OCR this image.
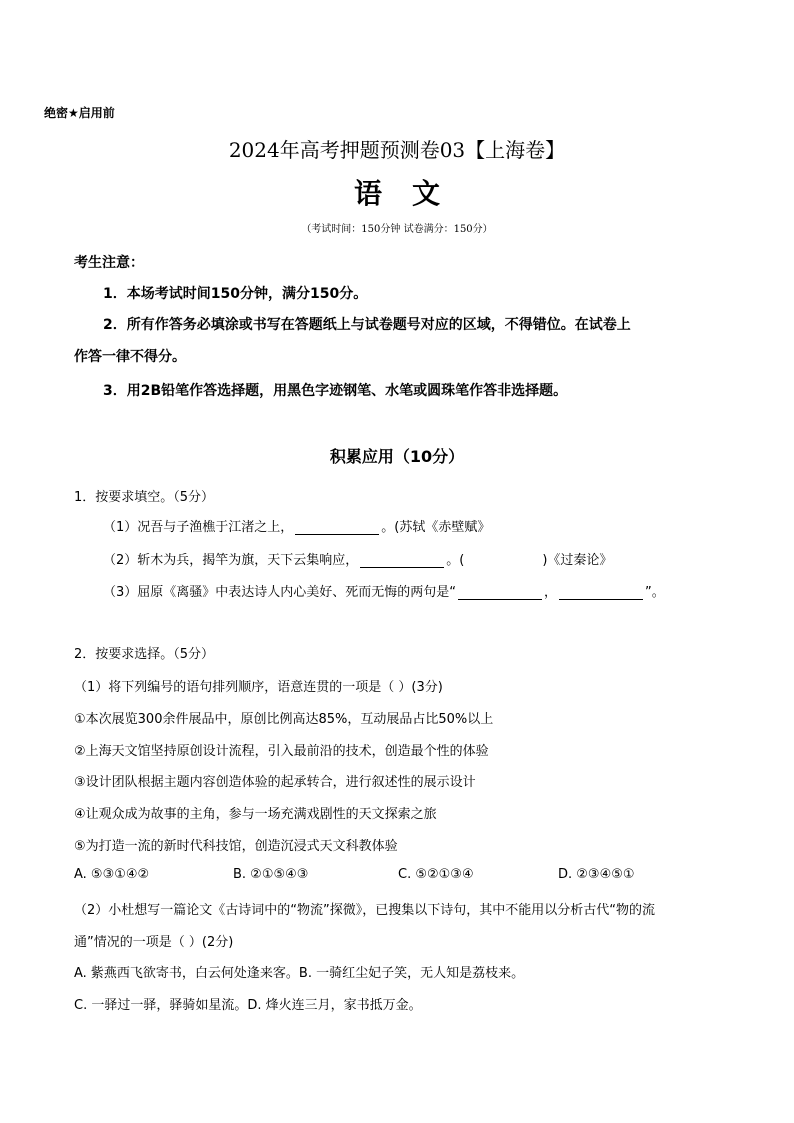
绝密★启用前
2024年高考押题预测卷03【上海卷】
语文
（考试时间：150分钟 试卷满分：150分）
考生注意：
1．本场考试时间150分钟，满分150分。
2．所有作答务必填涂或书写在答题纸上与试卷题号对应的区域，不得错位。在试卷上
作答一律不得分。
3．用2B铅笔作答选择题，用黑色字迹钢笔、水笔或圆珠笔作答非选择题。
积累应用（10分）
1．按要求填空。（5分）
（1）况吾与子渔樵于江渚之上，	。(苏轼《赤壁赋》
（2）斩木为兵，揭竿为旗，天下云集响应，	。(	)《过秦论》
（3）屈原《离骚》中表达诗人内心美好、死而无悔的两句是“	，	”。
2．按要求选择。（5分）
（1）将下列编号的语句排列顺序，语意连贯的一项是（ ）(3分)
①本次展览300余件展品中，原创比例高达85%，互动展品占比50%以上
②上海天文馆坚持原创设计流程，引入最前沿的技术，创造最个性的体验
③设计团队根据主题内容创造体验的起承转合，进行叙述性的展示设计
④让观众成为故事的主角，参与一场充满戏剧性的天文探索之旅
⑤为打造一流的新时代科技馆，创造沉浸式天文科教体验
A. ⑤③①④②	B. ②①⑤④③	C. ⑤②①③④	D. ②③④⑤①
（2）小杜想写一篇论文《古诗词中的“物流”探微》，已搜集以下诗句，其中不能用以分析古代“物的流
通”情况的一项是（ ）(2分)
A. 紫燕西飞欲寄书，白云何处逢来客。B. 一骑红尘妃子笑，无人知是荔枝来。
C. 一驿过一驿，驿骑如星流。D. 烽火连三月，家书抵万金。
